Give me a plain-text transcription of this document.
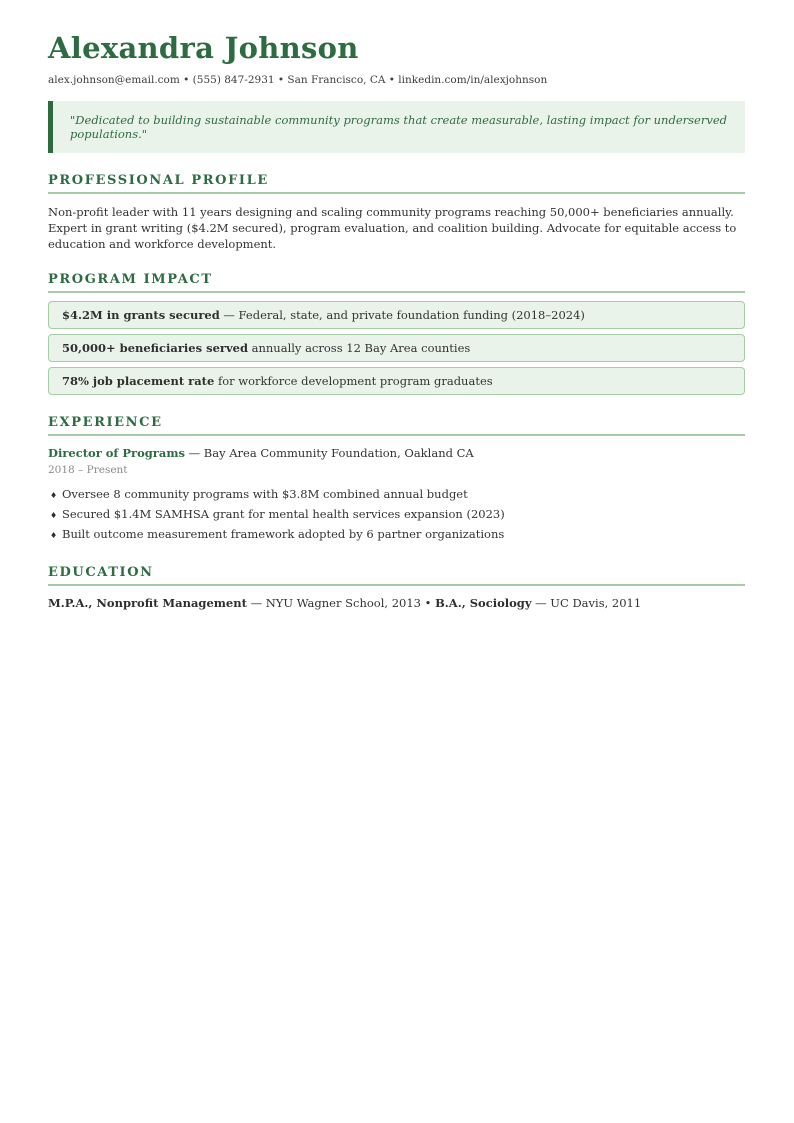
Alexandra Johnson
alex.johnson@email.com • (555) 847-2931 • San Francisco, CA • linkedin.com/in/alexjohnson
"Dedicated to building sustainable community programs that create measurable, lasting impact for underserved populations."
PROFESSIONAL PROFILE

Non-profit leader with 11 years designing and scaling community programs reaching 50,000+ beneficiaries annually. Expert in grant writing ($4.2M secured), program evaluation, and coalition building. Advocate for equitable access to education and workforce development.

PROGRAM IMPACT
$4.2M in grants secured — Federal, state, and private foundation funding (2018–2024)
50,000+ beneficiaries served annually across 12 Bay Area counties
78% job placement rate for workforce development program graduates
EXPERIENCE
Director of Programs — Bay Area Community Foundation, Oakland CA
2018 – Present
♦ Oversee 8 community programs with $3.8M combined annual budget
♦ Secured $1.4M SAMHSA grant for mental health services expansion (2023)
♦ Built outcome measurement framework adopted by 6 partner organizations
EDUCATION
M.P.A., Nonprofit Management — NYU Wagner School, 2013 • B.A., Sociology — UC Davis, 2011
